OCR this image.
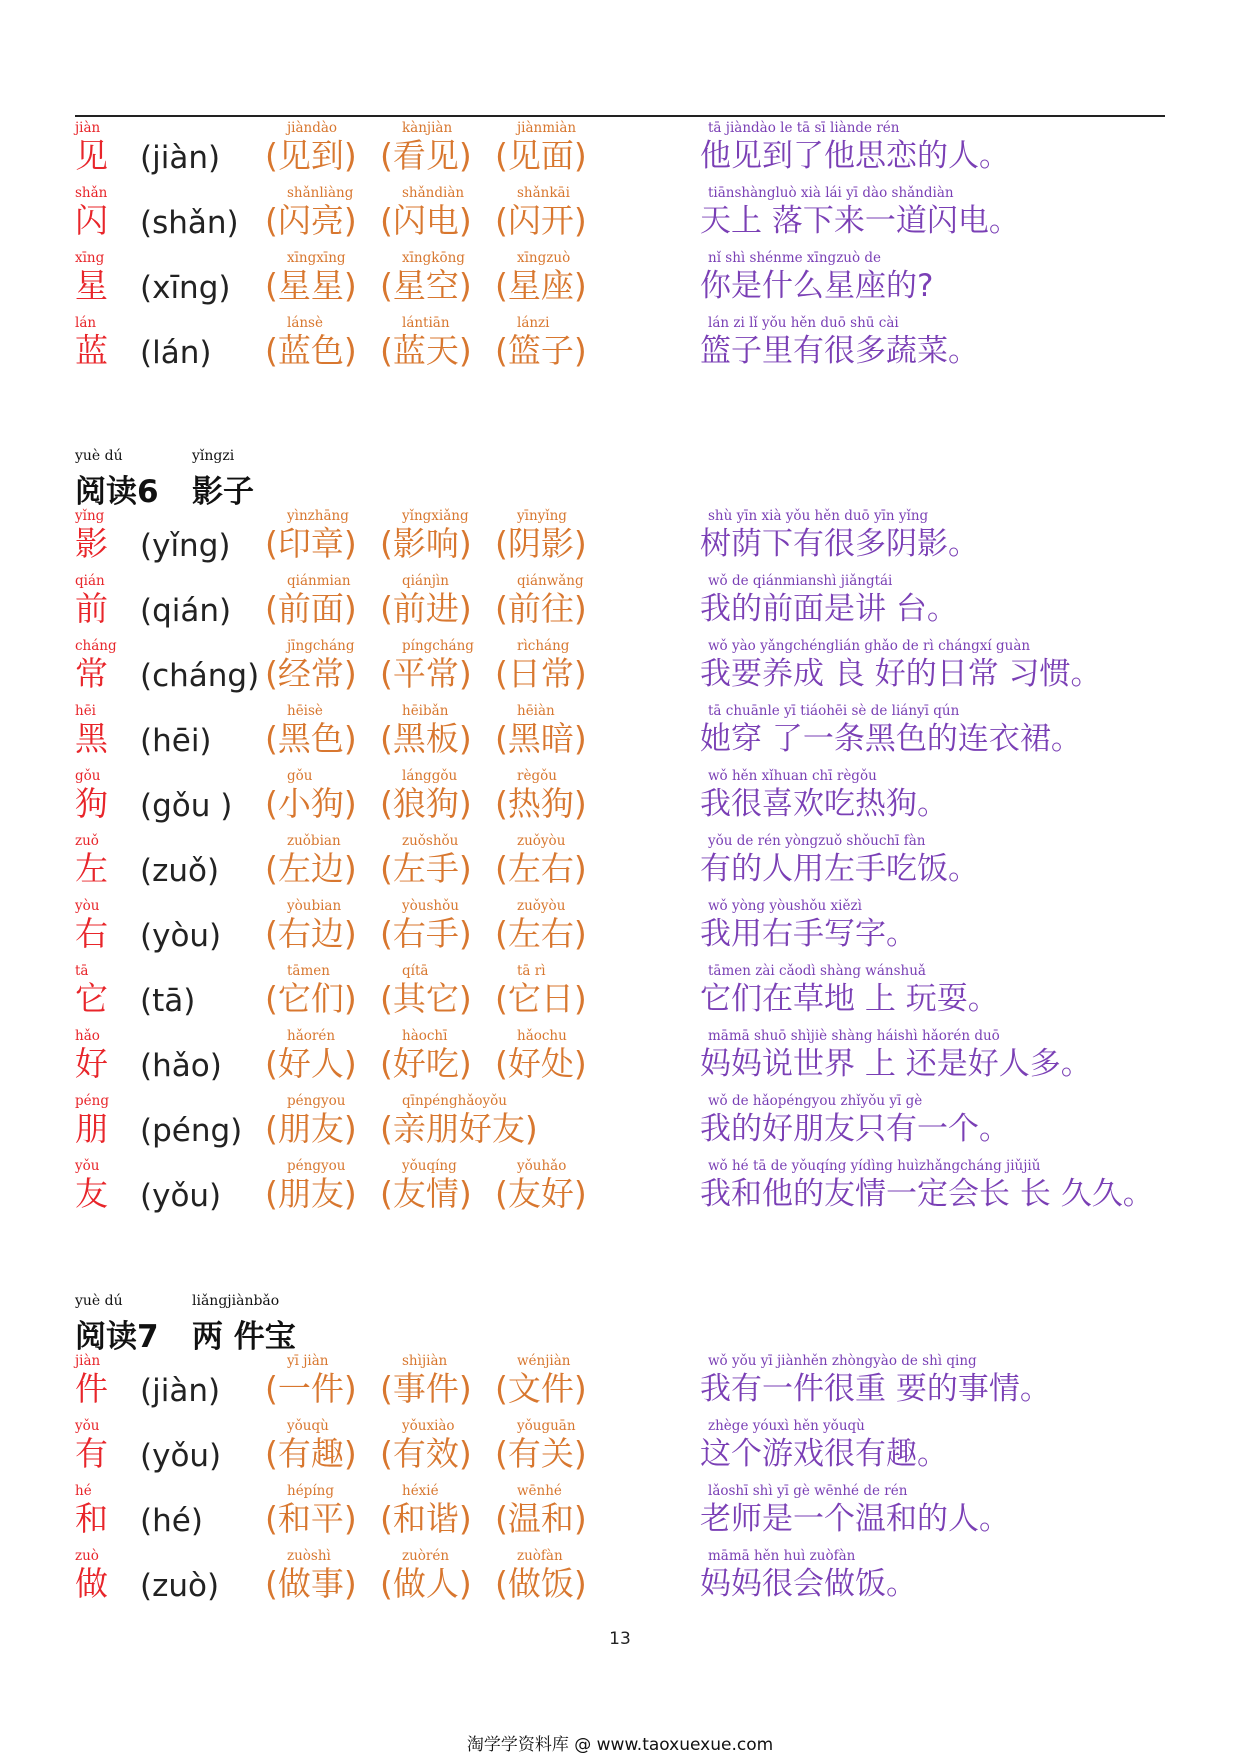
jiàn
见 (jiàn)
jiàndào
(见到)
kànjiàn
(看见)
jiànmiàn
(见面)
tā jiàndào le tā sī liànde rén
他见到了他思恋的人。
shǎn
闪 (shǎn)
shǎnliàng
(闪亮)
shǎndiàn
(闪电)
shǎnkāi
(闪开)
tiānshàngluò xià lái yī dào shǎndiàn
天上 落下来一道闪电。
xīng
星 (xīng)
xīngxīng
(星星)
xīngkōng
(星空)
xīngzuò
(星座)
nǐ shì shénme xīngzuò de
你是什么星座的?
lán
蓝 (lán)
lánsè
(蓝色)
lántiān
(蓝天)
lánzi
(篮子)
lán zi lǐ yǒu hěn duō shū cài
篮子里有很多蔬菜。
yuè dú
阅读6
yǐngzi
影子
yǐng
影 (yǐng)
yìnzhāng
(印章)
yǐngxiǎng
(影响)
yīnyǐng
(阴影)
shù yīn xià yǒu hěn duō yīn yǐng
树荫下有很多阴影。
qián
前 (qián)
qiánmian
(前面)
qiánjìn
(前进)
qiánwǎng
(前往)
wǒ de qiánmianshì jiǎngtái
我的前面是讲 台。
cháng
常 (cháng)
jīngcháng
(经常)
píngcháng
(平常)
rìcháng
(日常)
wǒ yào yǎngchénglián ghǎo de rì chángxí guàn
我要养成 良 好的日常 习惯。
hēi
黑 (hēi)
hēisè
(黑色)
hēibǎn
(黑板)
hēiàn
(黑暗)
tā chuānle yī tiáohēi sè de liányī qún
她穿 了一条黑色的连衣裙。
gǒu
狗 (gǒu )
gǒu
(小狗)
lánggǒu
(狼狗)
règǒu
(热狗)
wǒ hěn xǐhuan chī règǒu
我很喜欢吃热狗。
zuǒ
左 (zuǒ)
zuǒbian
(左边)
zuǒshǒu
(左手)
zuǒyòu
(左右)
yǒu de rén yòngzuǒ shǒuchī fàn
有的人用左手吃饭。
yòu
右 (yòu)
yòubian
(右边)
yòushǒu
(右手)
zuǒyòu
(左右)
wǒ yòng yòushǒu xiězì
我用右手写字。
tā
它 (tā)
tāmen
(它们)
qítā
(其它)
tā rì
(它日)
tāmen zài cǎodì shàng wánshuǎ
它们在草地 上 玩耍。
hǎo
好 (hǎo)
hǎorén
(好人)
hàochī
(好吃)
hǎochu
(好处)
māmā shuō shìjiè shàng háishì hǎorén duō
妈妈说世界 上 还是好人多。
péng
朋 (péng)
péngyou
(朋友)
qīnpénghǎoyǒu
(亲朋好友)
wǒ de hǎopéngyou zhǐyǒu yī gè
我的好朋友只有一个。
yǒu
友 (yǒu)
péngyou
(朋友)
yǒuqíng
(友情)
yǒuhǎo
(友好)
wǒ hé tā de yǒuqíng yídìng huìzhǎngcháng jiǔjiǔ
我和他的友情一定会长 长 久久。
yuè dú
阅读7
liǎngjiànbǎo
两 件宝
jiàn
件 (jiàn)
yī jiàn
(一件)
shìjiàn
(事件)
wénjiàn
(文件)
wǒ yǒu yī jiànhěn zhòngyào de shì qing
我有一件很重 要的事情。
yǒu
有 (yǒu)
yǒuqù
(有趣)
yǒuxiào
(有效)
yǒuguān
(有关)
zhège yóuxì hěn yǒuqù
这个游戏很有趣。
hé
和 (hé)
hépíng
(和平)
héxié
(和谐)
wēnhé
(温和)
lǎoshī shì yī gè wēnhé de rén
老师是一个温和的人。
zuò
做 (zuò)
zuòshì
(做事)
zuòrén
(做人)
zuòfàn
(做饭)
māmā hěn huì zuòfàn
妈妈很会做饭。
13
淘学学资料库 @ www.taoxuexue.com
